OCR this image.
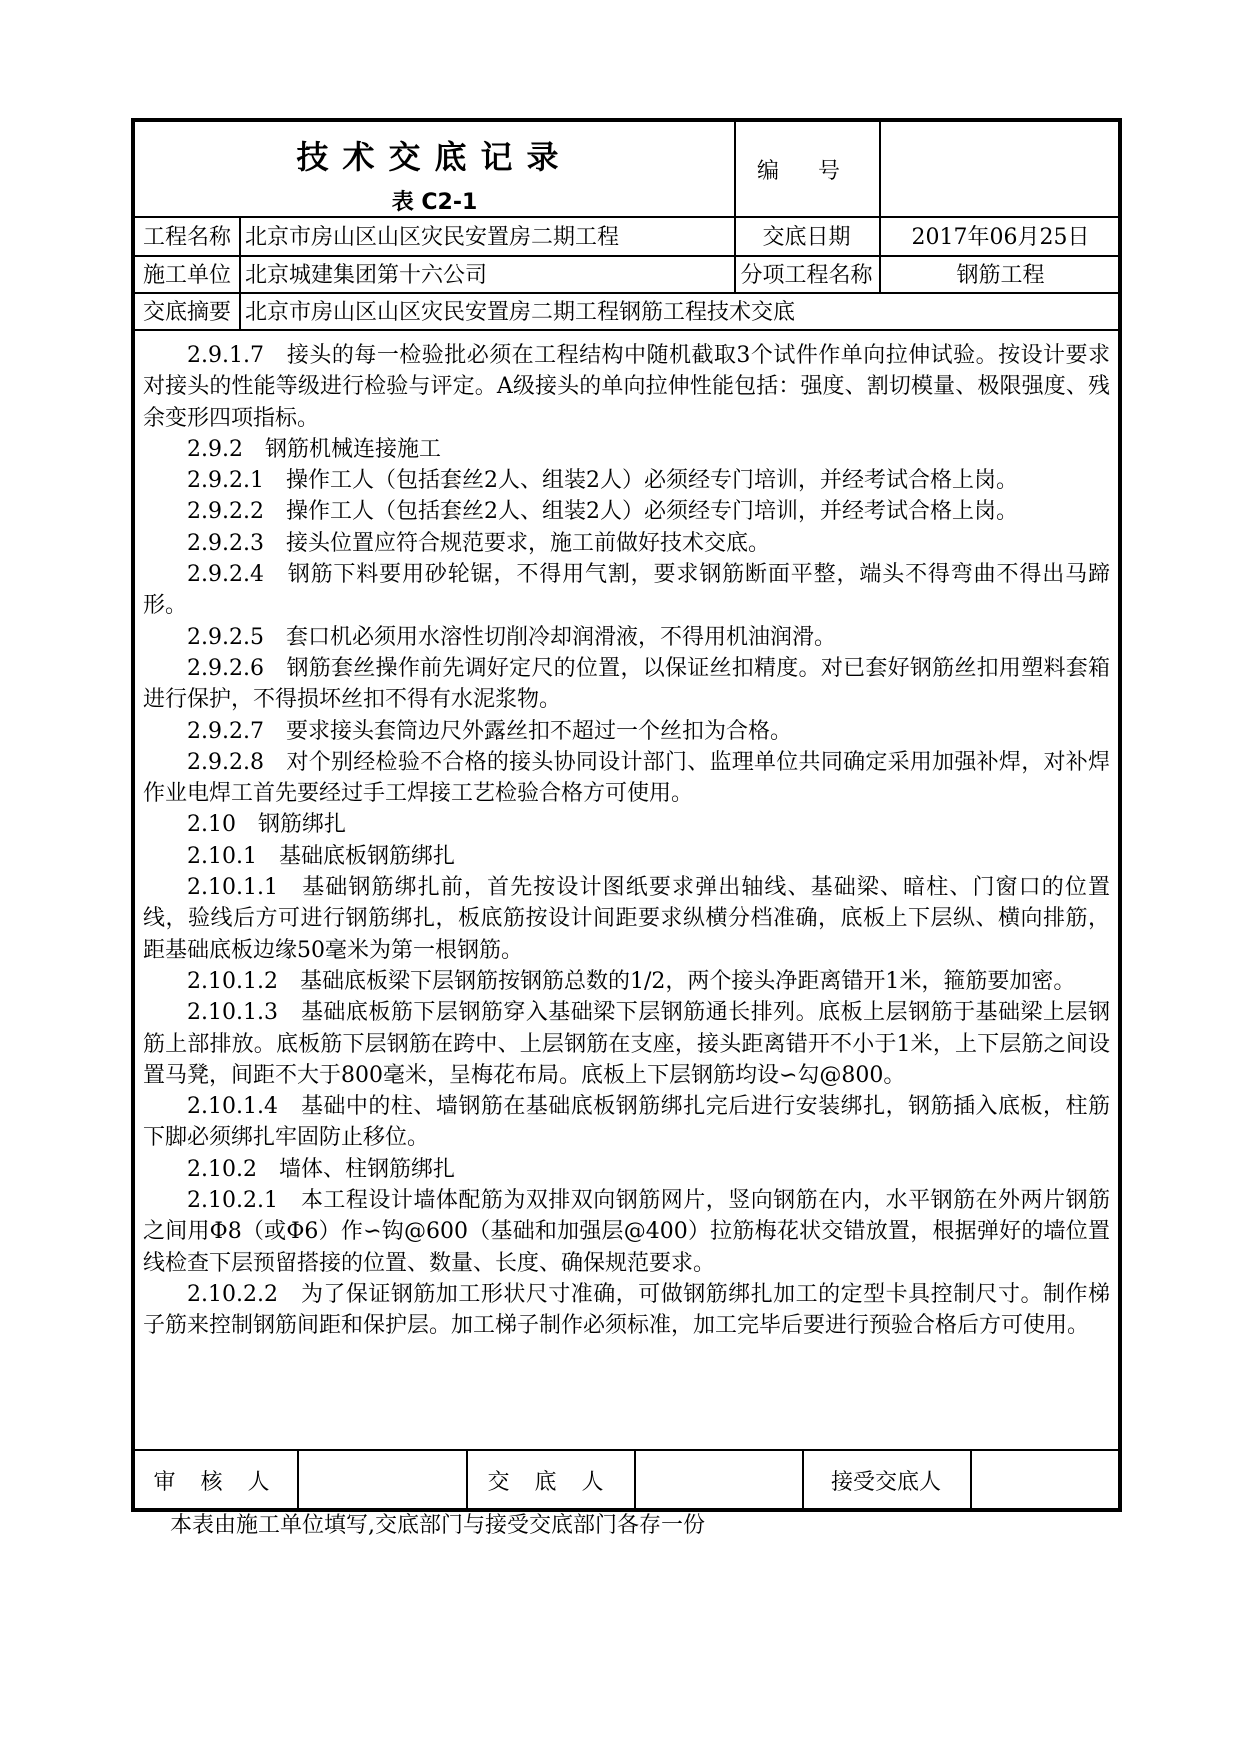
技术交底记录
表 C2-1
编 号
工程名称 北京市房山区山区灾民安置房二期工程	交底日期	2017年06月25日
施工单位 北京城建集团第十六公司	分项工程名称	钢筋工程
交底摘要 北京市房山区山区灾民安置房二期工程钢筋工程技术交底

2.9.1.7　接头的每一检验批必须在工程结构中随机截取3个试件作单向拉伸试验。按设计要求对接头的性能等级进行检验与评定。A级接头的单向拉伸性能包括：强度、割切模量、极限强度、残余变形四项指标。

2.9.2　钢筋机械连接施工

2.9.2.1　操作工人（包括套丝2人、组装2人）必须经专门培训，并经考试合格上岗。

2.9.2.2　操作工人（包括套丝2人、组装2人）必须经专门培训，并经考试合格上岗。

2.9.2.3　接头位置应符合规范要求，施工前做好技术交底。

2.9.2.4　钢筋下料要用砂轮锯，不得用气割，要求钢筋断面平整，端头不得弯曲不得出马蹄形。

2.9.2.5　套口机必须用水溶性切削冷却润滑液，不得用机油润滑。

2.9.2.6　钢筋套丝操作前先调好定尺的位置，以保证丝扣精度。对已套好钢筋丝扣用塑料套箱进行保护，不得损坏丝扣不得有水泥浆物。

2.9.2.7　要求接头套筒边尺外露丝扣不超过一个丝扣为合格。

2.9.2.8　对个别经检验不合格的接头协同设计部门、监理单位共同确定采用加强补焊，对补焊作业电焊工首先要经过手工焊接工艺检验合格方可使用。

2.10　钢筋绑扎

2.10.1　基础底板钢筋绑扎

2.10.1.1　基础钢筋绑扎前，首先按设计图纸要求弹出轴线、基础梁、暗柱、门窗口的位置线，验线后方可进行钢筋绑扎，板底筋按设计间距要求纵横分档准确，底板上下层纵、横向排筋，距基础底板边缘50毫米为第一根钢筋。

2.10.1.2　基础底板梁下层钢筋按钢筋总数的1/2，两个接头净距离错开1米，箍筋要加密。

2.10.1.3　基础底板筋下层钢筋穿入基础梁下层钢筋通长排列。底板上层钢筋于基础梁上层钢筋上部排放。底板筋下层钢筋在跨中、上层钢筋在支座，接头距离错开不小于1米，上下层筋之间设置马凳，间距不大于800毫米，呈梅花布局。底板上下层钢筋均设∽勾@800。

2.10.1.4　基础中的柱、墙钢筋在基础底板钢筋绑扎完后进行安装绑扎，钢筋插入底板，柱筋下脚必须绑扎牢固防止移位。

2.10.2　墙体、柱钢筋绑扎

2.10.2.1　本工程设计墙体配筋为双排双向钢筋网片，竖向钢筋在内，水平钢筋在外两片钢筋之间用Φ8（或Φ6）作∽钩@600（基础和加强层@400）拉筋梅花状交错放置，根据弹好的墙位置线检查下层预留搭接的位置、数量、长度、确保规范要求。

2.10.2.2　为了保证钢筋加工形状尺寸准确，可做钢筋绑扎加工的定型卡具控制尺寸。制作梯子筋来控制钢筋间距和保护层。加工梯子制作必须标准，加工完毕后要进行预验合格后方可使用。

审 核 人	交 底 人	接受交底人
本表由施工单位填写,交底部门与接受交底部门各存一份
